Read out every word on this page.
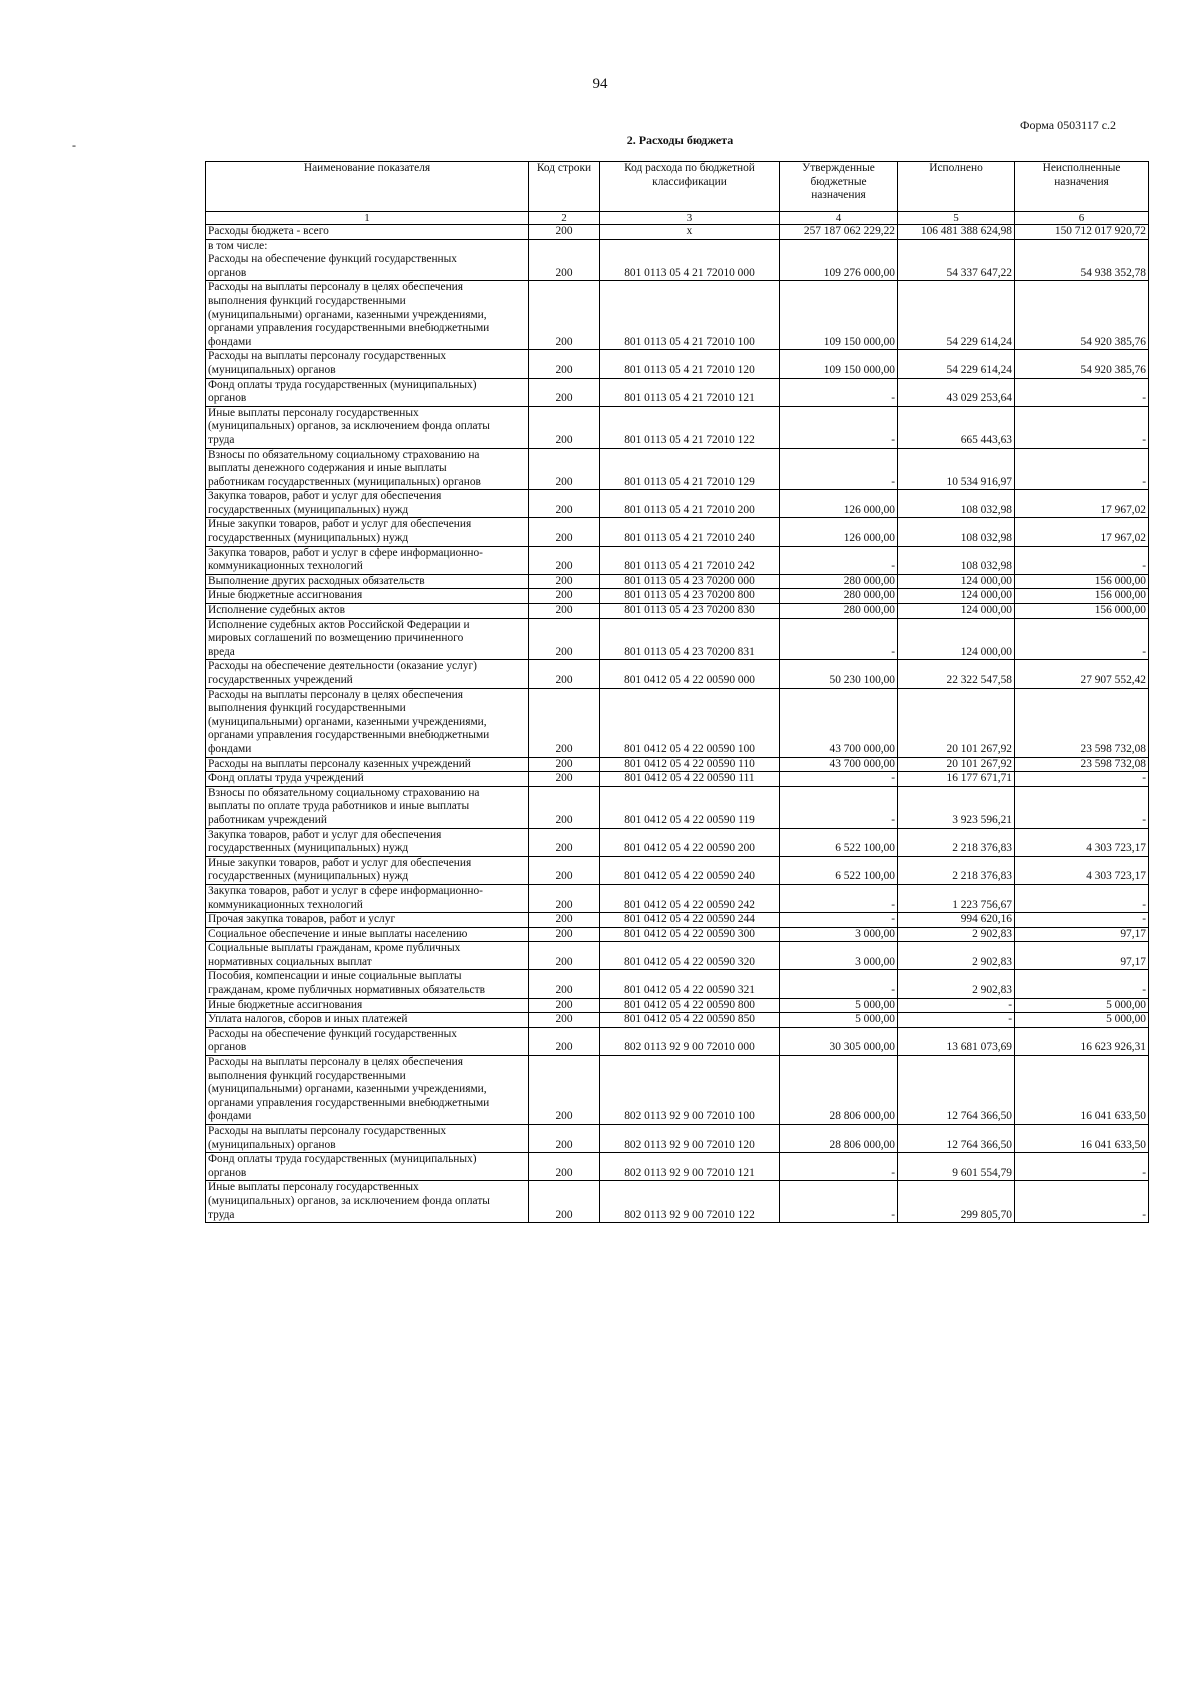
94
Форма 0503117 с.2
2. Расходы бюджета
-
Наименование показателя	Код строки	Код расхода по бюджетной классификации	Утвержденные бюджетные назначения	Исполнено	Неисполненные назначения
1	2	3	4	5	6
Расходы бюджета - всего	200	x	257 187 062 229,22	106 481 388 624,98	150 712 017 920,72
в том числе:
Расходы на обеспечение функций государственных
органов	200	801 0113 05 4 21 72010 000	109 276 000,00	54 337 647,22	54 938 352,78
Расходы на выплаты персоналу в целях обеспечения
выполнения функций государственными
(муниципальными) органами, казенными учреждениями,
органами управления государственными внебюджетными
фондами	200	801 0113 05 4 21 72010 100	109 150 000,00	54 229 614,24	54 920 385,76
Расходы на выплаты персоналу государственных
(муниципальных) органов	200	801 0113 05 4 21 72010 120	109 150 000,00	54 229 614,24	54 920 385,76
Фонд оплаты труда государственных (муниципальных)
органов	200	801 0113 05 4 21 72010 121	-	43 029 253,64	-
Иные выплаты персоналу государственных
(муниципальных) органов, за исключением фонда оплаты
труда	200	801 0113 05 4 21 72010 122	-	665 443,63	-
Взносы по обязательному социальному страхованию на
выплаты денежного содержания и иные выплаты
работникам государственных (муниципальных) органов	200	801 0113 05 4 21 72010 129	-	10 534 916,97	-
Закупка товаров, работ и услуг для обеспечения
государственных (муниципальных) нужд	200	801 0113 05 4 21 72010 200	126 000,00	108 032,98	17 967,02
Иные закупки товаров, работ и услуг для обеспечения
государственных (муниципальных) нужд	200	801 0113 05 4 21 72010 240	126 000,00	108 032,98	17 967,02
Закупка товаров, работ и услуг в сфере информационно-
коммуникационных технологий	200	801 0113 05 4 21 72010 242	-	108 032,98	-
Выполнение других расходных обязательств	200	801 0113 05 4 23 70200 000	280 000,00	124 000,00	156 000,00
Иные бюджетные ассигнования	200	801 0113 05 4 23 70200 800	280 000,00	124 000,00	156 000,00
Исполнение судебных актов	200	801 0113 05 4 23 70200 830	280 000,00	124 000,00	156 000,00
Исполнение судебных актов Российской Федерации и
мировых соглашений по возмещению причиненного
вреда	200	801 0113 05 4 23 70200 831	-	124 000,00	-
Расходы на обеспечение деятельности (оказание услуг)
государственных учреждений	200	801 0412 05 4 22 00590 000	50 230 100,00	22 322 547,58	27 907 552,42
Расходы на выплаты персоналу в целях обеспечения
выполнения функций государственными
(муниципальными) органами, казенными учреждениями,
органами управления государственными внебюджетными
фондами	200	801 0412 05 4 22 00590 100	43 700 000,00	20 101 267,92	23 598 732,08
Расходы на выплаты персоналу казенных учреждений	200	801 0412 05 4 22 00590 110	43 700 000,00	20 101 267,92	23 598 732,08
Фонд оплаты труда учреждений	200	801 0412 05 4 22 00590 111	-	16 177 671,71	-
Взносы по обязательному социальному страхованию на
выплаты по оплате труда работников и иные выплаты
работникам учреждений	200	801 0412 05 4 22 00590 119	-	3 923 596,21	-
Закупка товаров, работ и услуг для обеспечения
государственных (муниципальных) нужд	200	801 0412 05 4 22 00590 200	6 522 100,00	2 218 376,83	4 303 723,17
Иные закупки товаров, работ и услуг для обеспечения
государственных (муниципальных) нужд	200	801 0412 05 4 22 00590 240	6 522 100,00	2 218 376,83	4 303 723,17
Закупка товаров, работ и услуг в сфере информационно-
коммуникационных технологий	200	801 0412 05 4 22 00590 242	-	1 223 756,67	-
Прочая закупка товаров, работ и услуг	200	801 0412 05 4 22 00590 244	-	994 620,16	-
Социальное обеспечение и иные выплаты населению	200	801 0412 05 4 22 00590 300	3 000,00	2 902,83	97,17
Социальные выплаты гражданам, кроме публичных
нормативных социальных выплат	200	801 0412 05 4 22 00590 320	3 000,00	2 902,83	97,17
Пособия, компенсации и иные социальные выплаты
гражданам, кроме публичных нормативных обязательств	200	801 0412 05 4 22 00590 321	-	2 902,83	-
Иные бюджетные ассигнования	200	801 0412 05 4 22 00590 800	5 000,00	-	5 000,00
Уплата налогов, сборов и иных платежей	200	801 0412 05 4 22 00590 850	5 000,00	-	5 000,00
Расходы на обеспечение функций государственных
органов	200	802 0113 92 9 00 72010 000	30 305 000,00	13 681 073,69	16 623 926,31
Расходы на выплаты персоналу в целях обеспечения
выполнения функций государственными
(муниципальными) органами, казенными учреждениями,
органами управления государственными внебюджетными
фондами	200	802 0113 92 9 00 72010 100	28 806 000,00	12 764 366,50	16 041 633,50
Расходы на выплаты персоналу государственных
(муниципальных) органов	200	802 0113 92 9 00 72010 120	28 806 000,00	12 764 366,50	16 041 633,50
Фонд оплаты труда государственных (муниципальных)
органов	200	802 0113 92 9 00 72010 121	-	9 601 554,79	-
Иные выплаты персоналу государственных
(муниципальных) органов, за исключением фонда оплаты
труда	200	802 0113 92 9 00 72010 122	-	299 805,70	-
